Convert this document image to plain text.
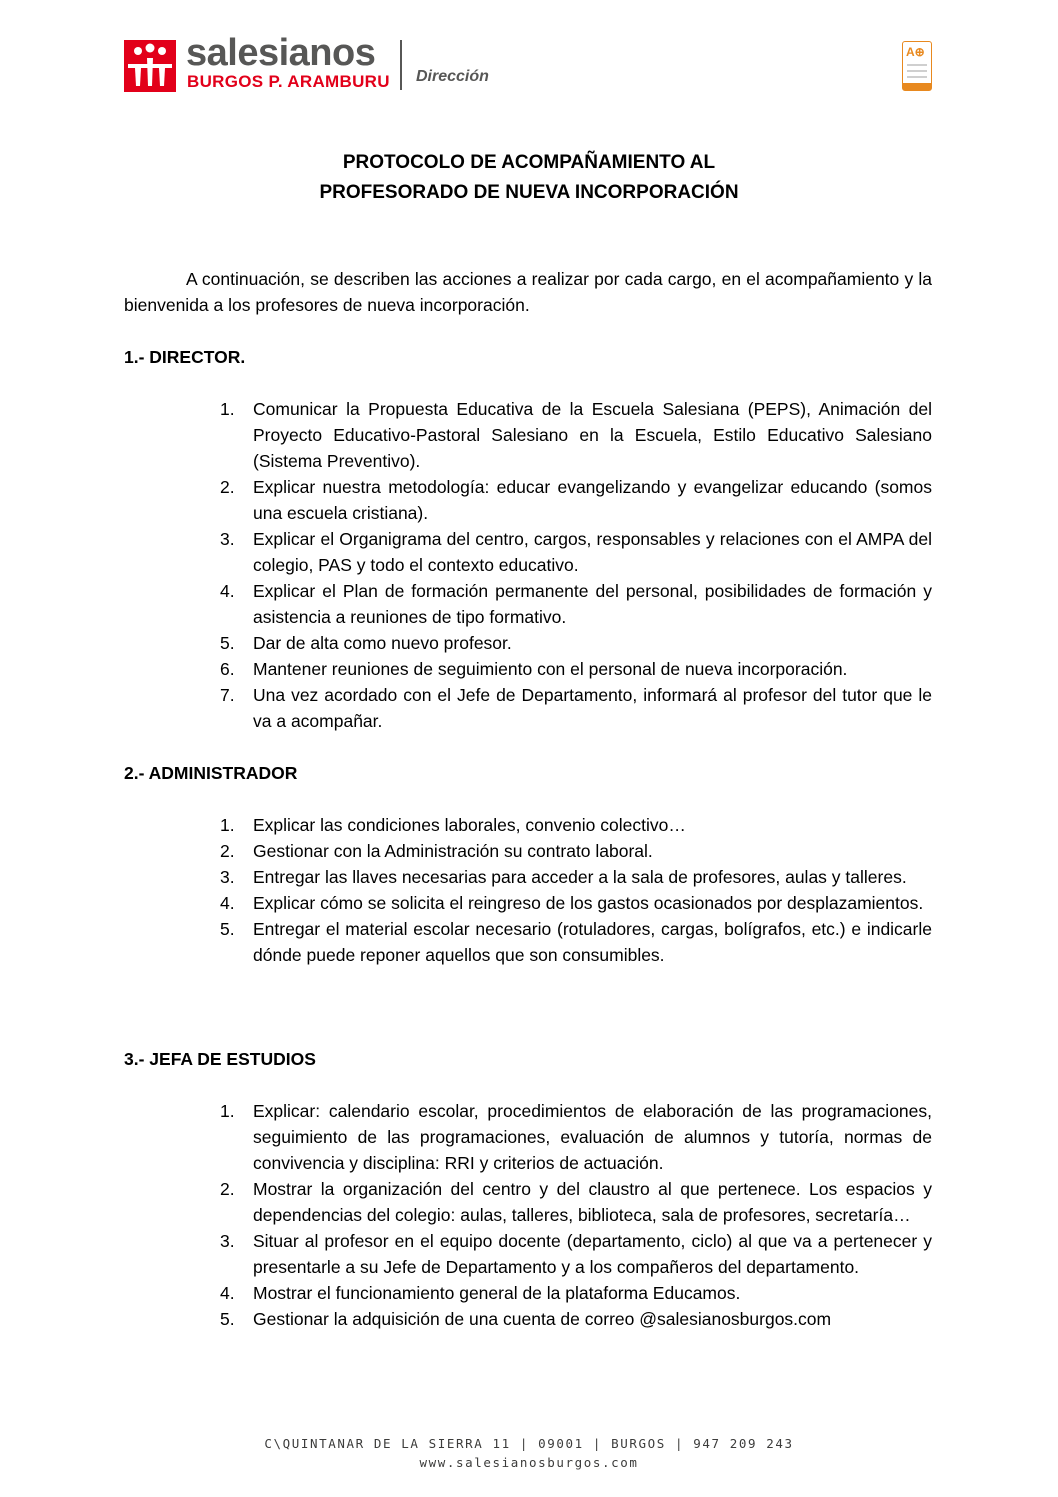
salesianos
BURGOS P. ARAMBURU Dirección
A⊕
PROTOCOLO DE ACOMPAÑAMIENTO AL
PROFESORADO DE NUEVA INCORPORACIÓN

A continuación, se describen las acciones a realizar por cada cargo, en el acompañamiento y la bienvenida a los profesores de nueva incorporación.

1.- DIRECTOR.
1. Comunicar la Propuesta Educativa de la Escuela Salesiana (PEPS), Animación del Proyecto Educativo-Pastoral Salesiano en la Escuela, Estilo Educativo Salesiano (Sistema Preventivo).
2. Explicar nuestra metodología: educar evangelizando y evangelizar educando (somos una escuela cristiana).
3. Explicar el Organigrama del centro, cargos, responsables y relaciones con el AMPA del colegio, PAS y todo el contexto educativo.
4. Explicar el Plan de formación permanente del personal, posibilidades de formación y asistencia a reuniones de tipo formativo.
5. Dar de alta como nuevo profesor.
6. Mantener reuniones de seguimiento con el personal de nueva incorporación.
7. Una vez acordado con el Jefe de Departamento, informará al profesor del tutor que le va a acompañar.
2.- ADMINISTRADOR
1. Explicar las condiciones laborales, convenio colectivo…
2. Gestionar con la Administración su contrato laboral.
3. Entregar las llaves necesarias para acceder a la sala de profesores, aulas y talleres.
4. Explicar cómo se solicita el reingreso de los gastos ocasionados por desplazamientos.
5. Entregar el material escolar necesario (rotuladores, cargas, bolígrafos, etc.) e indicarle dónde puede reponer aquellos que son consumibles.
3.- JEFA DE ESTUDIOS
1. Explicar: calendario escolar, procedimientos de elaboración de las programaciones, seguimiento de las programaciones, evaluación de alumnos y tutoría, normas de convivencia y disciplina: RRI y criterios de actuación.
2. Mostrar la organización del centro y del claustro al que pertenece. Los espacios y dependencias del colegio: aulas, talleres, biblioteca, sala de profesores, secretaría…
3. Situar al profesor en el equipo docente (departamento, ciclo) al que va a pertenecer y presentarle a su Jefe de Departamento y a los compañeros del departamento.
4. Mostrar el funcionamiento general de la plataforma Educamos.
5. Gestionar la adquisición de una cuenta de correo @salesianosburgos.com

C\QUINTANAR DE LA SIERRA 11 | 09001 | BURGOS | 947 209 243

www.salesianosburgos.com
